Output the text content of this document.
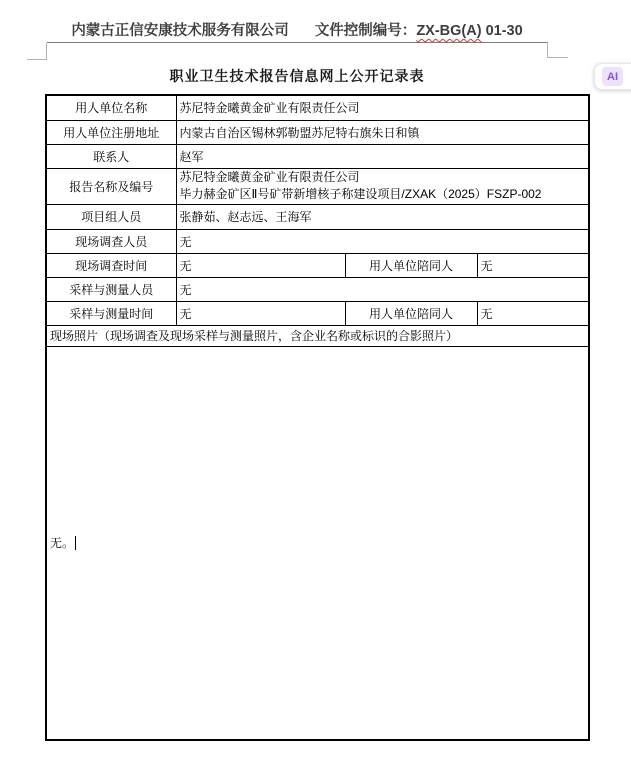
内蒙古正信安康技术服务有限公司 文件控制编号：ZX-BG(A) 01-30
职业卫生技术报告信息网上公开记录表	AI
用人单位名称	苏尼特金曦黄金矿业有限责任公司		
用人单位注册地址	内蒙古自治区锡林郭勒盟苏尼特右旗朱日和镇		
联系人	赵军		
报告名称及编号	苏尼特金曦黄金矿业有限责任公司
毕力赫金矿区Ⅱ号矿带新增核子称建设项目/ZXAK（2025）FSZP-002		

项目组人员	张静茹、赵志远、王海军		
现场调查人员	无		
现场调查时间	无	用人单位陪同人	无
采样与测量人员	无		
采样与测量时间	无	用人单位陪同人	无
现场照片（现场调查及现场采样与测量照片，含企业名称或标识的合影照片）			
无。			
